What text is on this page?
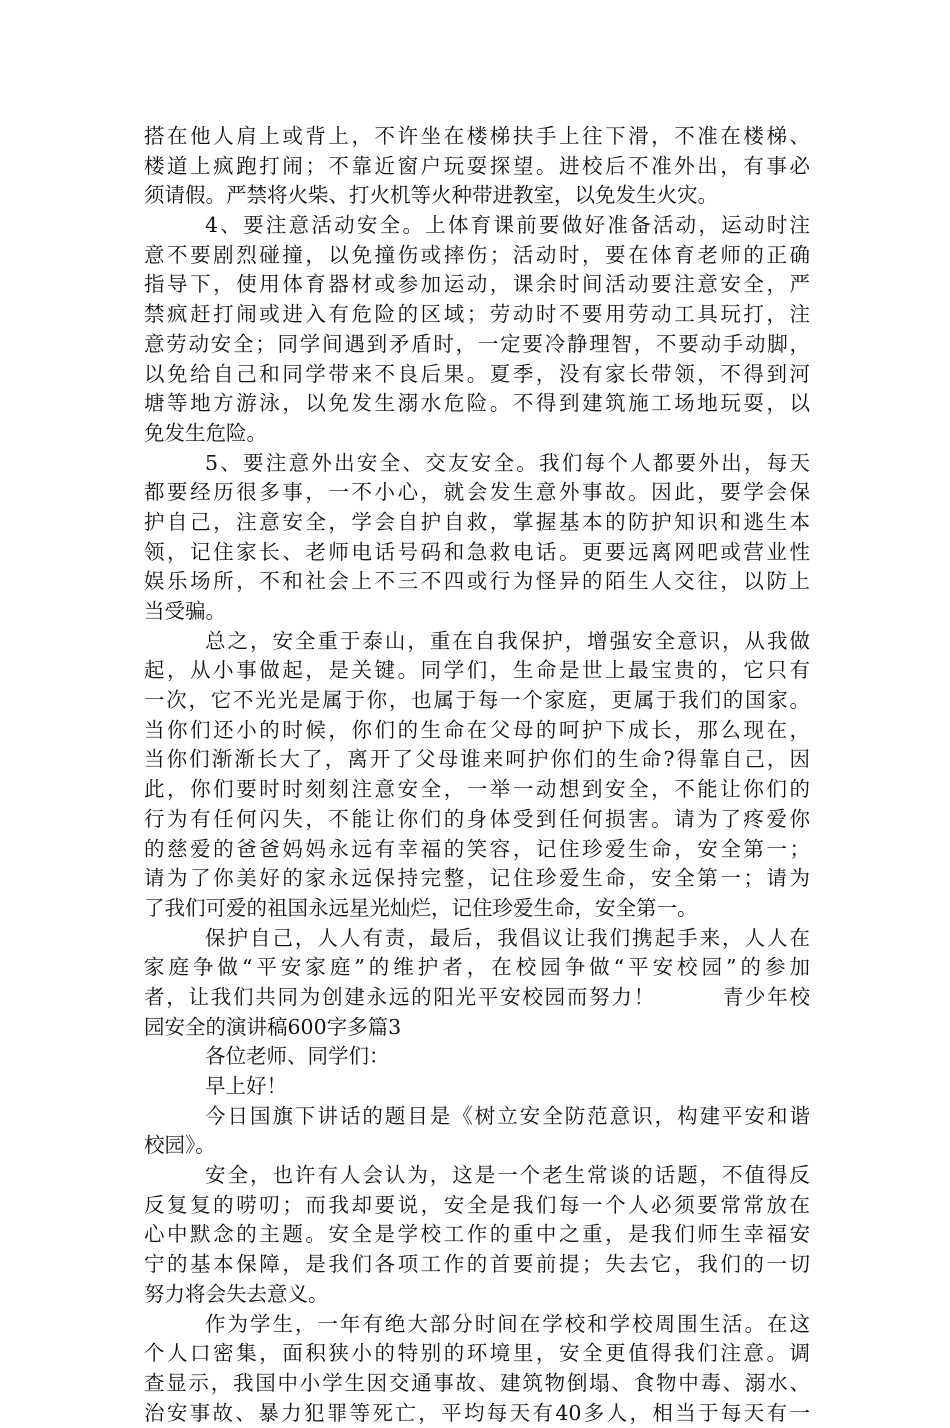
搭在他人肩上或背上，不许坐在楼梯扶手上往下滑，不准在楼梯、
楼道上疯跑打闹；不靠近窗户玩耍探望。进校后不准外出，有事必
须请假。严禁将火柴、打火机等火种带进教室，以免发生火灾。
4、要注意活动安全。上体育课前要做好准备活动，运动时注
意不要剧烈碰撞，以免撞伤或摔伤；活动时，要在体育老师的正确
指导下，使用体育器材或参加运动，课余时间活动要注意安全，严
禁疯赶打闹或进入有危险的区域；劳动时不要用劳动工具玩打，注
意劳动安全；同学间遇到矛盾时，一定要冷静理智，不要动手动脚，
以免给自己和同学带来不良后果。夏季，没有家长带领，不得到河
塘等地方游泳，以免发生溺水危险。不得到建筑施工场地玩耍，以
免发生危险。
5、要注意外出安全、交友安全。我们每个人都要外出，每天
都要经历很多事，一不小心，就会发生意外事故。因此，要学会保
护自己，注意安全，学会自护自救，掌握基本的防护知识和逃生本
领，记住家长、老师电话号码和急救电话。更要远离网吧或营业性
娱乐场所，不和社会上不三不四或行为怪异的陌生人交往，以防上
当受骗。
总之，安全重于泰山，重在自我保护，增强安全意识，从我做
起，从小事做起，是关键。同学们，生命是世上最宝贵的，它只有
一次，它不光光是属于你，也属于每一个家庭，更属于我们的国家。
当你们还小的时候，你们的生命在父母的呵护下成长，那么现在，
当你们渐渐长大了，离开了父母谁来呵护你们的生命?得靠自己，因
此，你们要时时刻刻注意安全，一举一动想到安全，不能让你们的
行为有任何闪失，不能让你们的身体受到任何损害。请为了疼爱你
的慈爱的爸爸妈妈永远有幸福的笑容，记住珍爱生命，安全第一；
请为了你美好的家永远保持完整，记住珍爱生命，安全第一；请为
了我们可爱的祖国永远星光灿烂，记住珍爱生命，安全第一。
保护自己，人人有责，最后，我倡议让我们携起手来，人人在
家庭争做“平安家庭”的维护者，在校园争做“平安校园”的参加
者，让我们共同为创建永远的阳光平安校园而努力！　　　青少年校
园安全的演讲稿600字多篇3
各位老师、同学们：
早上好！
今日国旗下讲话的题目是《树立安全防范意识，构建平安和谐
校园》。
安全，也许有人会认为，这是一个老生常谈的话题，不值得反
反复复的唠叨；而我却要说，安全是我们每一个人必须要常常放在
心中默念的主题。安全是学校工作的重中之重，是我们师生幸福安
宁的基本保障，是我们各项工作的首要前提；失去它，我们的一切
努力将会失去意义。
作为学生，一年有绝大部分时间在学校和学校周围生活。在这
个人口密集，面积狭小的特别的环境里，安全更值得我们注意。调
查显示，我国中小学生因交通事故、建筑物倒塌、食物中毒、溺水、
治安事故、暴力犯罪等死亡，平均每天有40多人，相当于每天有一
